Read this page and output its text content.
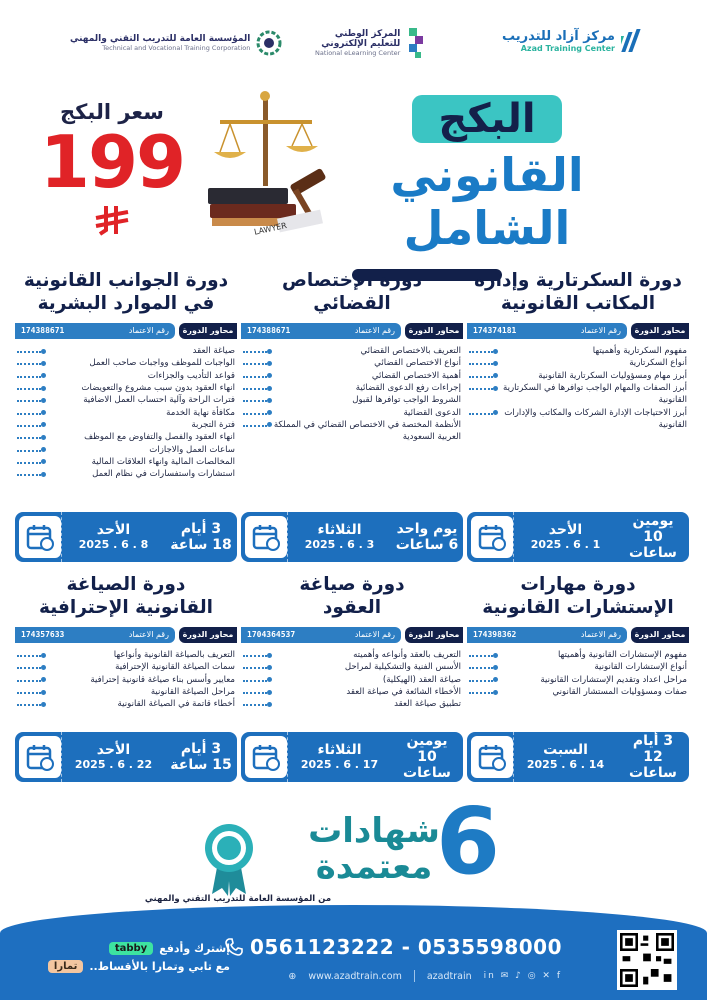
مركز آزاد للتدريب
Azad Training Center
المركز الوطني
للتعليم الإلكتروني
National eLearning Center
المؤسسة العامة للتدريب التقني والمهني
Technical and Vocational Training Corporation
البكج
القانوني الشامل
LAWYER
سعر البكج
199
دورة السكرتارية وإدارة المكاتب القانونية
محاور الدورة
رقم الاعتماد
174374181
مفهوم السكرتارية وأهميتها
أنواع السكرتارية
أبرز مهام ومسؤوليات السكرتارية القانونية
أبرز الصفات والمهام الواجب توافرها في السكرتارية القانونية
أبرز الاحتياجات الإدارة الشركات والمكاتب والإدارات القانونية
دورة الإختصاص القضائي
محاور الدورة
رقم الاعتماد
174388671
التعريف بالاختصاص القضائي
أنواع الاختصاص القضائي
أهمية الاختصاص القضائي
إجراءات رفع الدعوى القضائية
الشروط الواجب توافرها لقبول
الدعوى القضائية
الأنظمة المختصة في الاختصاص القضائي في المملكة العربية السعودية
دورة الجوانب القانونية في الموارد البشرية
محاور الدورة
رقم الاعتماد
174388671
صياغة العقد
الواجبات للموظف وواجبات صاحب العمل
قواعد التأديب والجزاءات
انهاء العقود بدون سبب مشروع والتعويضات
فترات الراحة وآلية احتساب العمل الاضافية
مكافأة نهاية الخدمة
فترة التجربة
انهاء العقود والفصل والتفاوض مع الموظف
ساعات العمل والاجازات
المخالصات المالية وانهاء العلاقات المالية
استشارات واستفسارات في نظام العمل
يومين
10 ساعات
الأحد
2025 . 6 . 1
يوم واحد
6 ساعات
الثلاثاء
2025 . 6 . 3
3 أيام
18 ساعة
الأحد
2025 . 6 . 8
دورة مهارات الإستشارات القانونية
محاور الدورة
رقم الاعتماد
174398362
مفهوم الإستشارات القانونية وأهميتها
أنواع الإستشارات القانونية
مراحل اعداد وتقديم الإستشارات القانونية
صفات ومسؤوليات المستشار القانوني
دورة صياغة العقود
محاور الدورة
رقم الاعتماد
1704364537
التعريف بالعقد وأنواعه وأهميته
الأسس الفنية والتشكيلية لمراحل
صياغة العقد (الهيكلية)
الأخطاء الشائعة في صياغة العقد
تطبيق صياغة العقد
دورة الصياغة القانونية الإحترافية
محاور الدورة
رقم الاعتماد
174357633
التعريف بالصياغة القانونية وأنواعها
سمات الصياغة القانونية الإحترافية
معايير وأسس بناء صياغة قانونية إحترافية
مراحل الصياغة القانونية
أخطاء قاتمة في الصياغة القانونية
3 أيام
12 ساعات
السبت
2025 . 6 . 14
يومين
10 ساعات
الثلاثاء
2025 . 6 . 17
3 أيام
15 ساعة
الأحد
2025 . 6 . 22
6
شهادات
معتمدة
من المؤسسة العامة للتدريب التقني والمهني
0561123222 - 0535598000
⊕ www.azadtrain.com	azadtrain in ✉ ♪ ◎ ✕ f
إشترك وأدفع
tabby
مع تابي وتمارا بالأقساط..
تمارا
